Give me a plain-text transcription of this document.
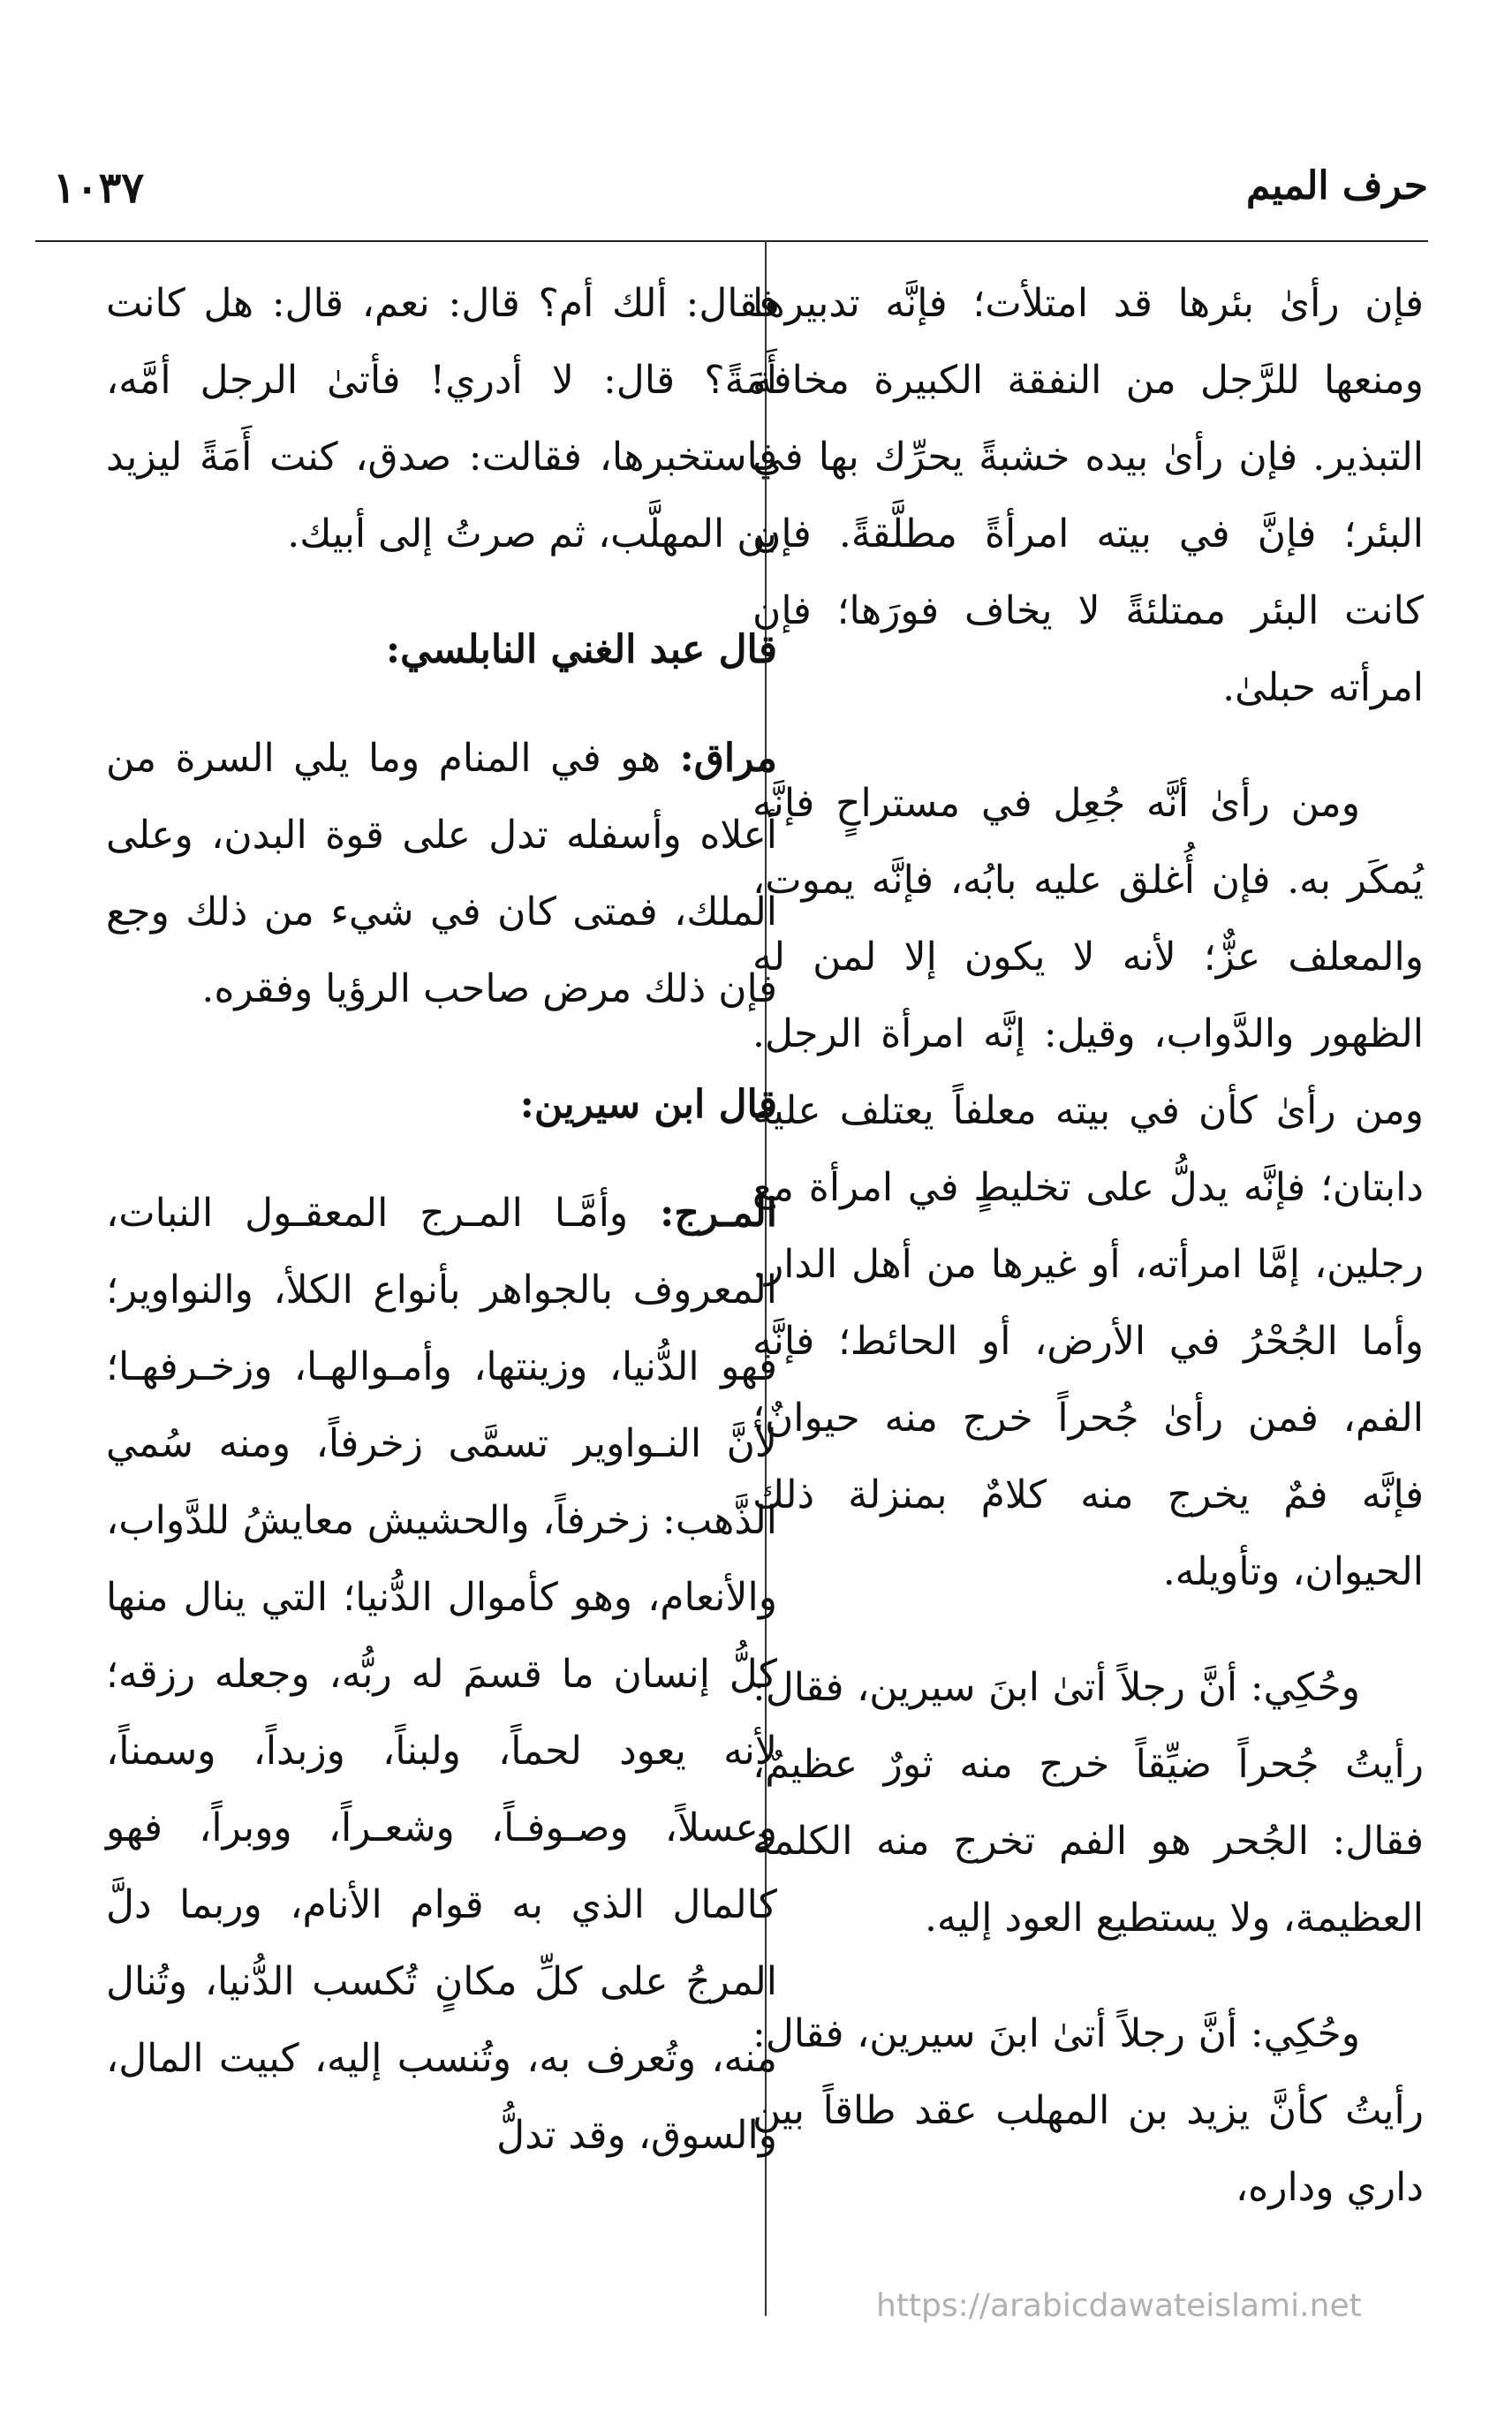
حرف الميم
١٠٣٧

فإن رأىٰ بئرها قد امتلأت؛ فإنَّه تدبيرها ومنعها للرَّجل من النفقة الكبيرة مخافة التبذير. فإن رأىٰ بيده خشبةً يحرِّك بها في البئر؛ فإنَّ في بيته امرأةً مطلَّقةً. فإن كانت البئر ممتلئةً لا يخاف فورَها؛ فإن امرأته حبلىٰ.

ومن رأىٰ أنَّه جُعِل في مستراحٍ فإنَّه يُمكَر به. فإن أُغلق عليه بابُه، فإنَّه يموت، والمعلف عزٌّ؛ لأنه لا يكون إلا لمن له الظهور والدَّواب، وقيل: إنَّه امرأة الرجل. ومن رأىٰ كأن في بيته معلفاً يعتلف عليه دابتان؛ فإنَّه يدلُّ على تخليطٍ في امرأة مع رجلين، إمَّا امرأته، أو غيرها من أهل الدار. وأما الجُحْرُ في الأرض، أو الحائط؛ فإنَّه الفم، فمن رأىٰ جُحراً خرج منه حيوانٌ؛ فإنَّه فمٌ يخرج منه كلامٌ بمنزلة ذلك الحيوان، وتأويله.

وحُكِي: أنَّ رجلاً أتىٰ ابنَ سيرين، فقال: رأيتُ جُحراً ضيِّقاً خرج منه ثورٌ عظيمٌ، فقال: الجُحر هو الفم تخرج منه الكلمة العظيمة، ولا يستطيع العود إليه.

وحُكِي: أنَّ رجلاً أتىٰ ابنَ سيرين، فقال: رأيتُ كأنَّ يزيد بن المهلب عقد طاقاً بين داري وداره،

فقال: ألك أم؟ قال: نعم، قال: هل كانت أَمَةً؟ قال: لا أدري! فأتىٰ الرجل أمَّه، فاستخبرها، فقالت: صدق، كنت أَمَةً ليزيد بن المهلَّب، ثم صرتُ إلى أبيك.

قال عبد الغني النابلسي:

مراق: هو في المنام وما يلي السرة من أعلاه وأسفله تدل على قوة البدن، وعلى الملك، فمتى كان في شيء من ذلك وجع فإن ذلك مرض صاحب الرؤيا وفقره.

قال ابن سيرين:

المـرج: وأمَّـا المـرج المعقـول النبات، المعروف بالجواهر بأنواع الكلأ، والنواوير؛ فهو الدُّنيا، وزينتها، وأمـوالهـا، وزخـرفهـا؛ لأنَّ النـواوير تسمَّى زخرفاً، ومنه سُمي الذَّهب: زخرفاً، والحشيش معايشُ للدَّواب، والأنعام، وهو كأموال الدُّنيا؛ التي ينال منها كلُّ إنسان ما قسمَ له ربُّه، وجعله رزقه؛ لأنه يعود لحماً، ولبناً، وزبداً، وسمناً، وعسلاً، وصـوفـاً، وشعـراً، ووبراً، فهو كالمال الذي به قوام الأنام، وربما دلَّ المرجُ على كلِّ مكانٍ تُكسب الدُّنيا، وتُنال منه، وتُعرف به، وتُنسب إليه، كبيت المال، والسوق، وقد تدلُّ

https://arabicdawateislami.net
